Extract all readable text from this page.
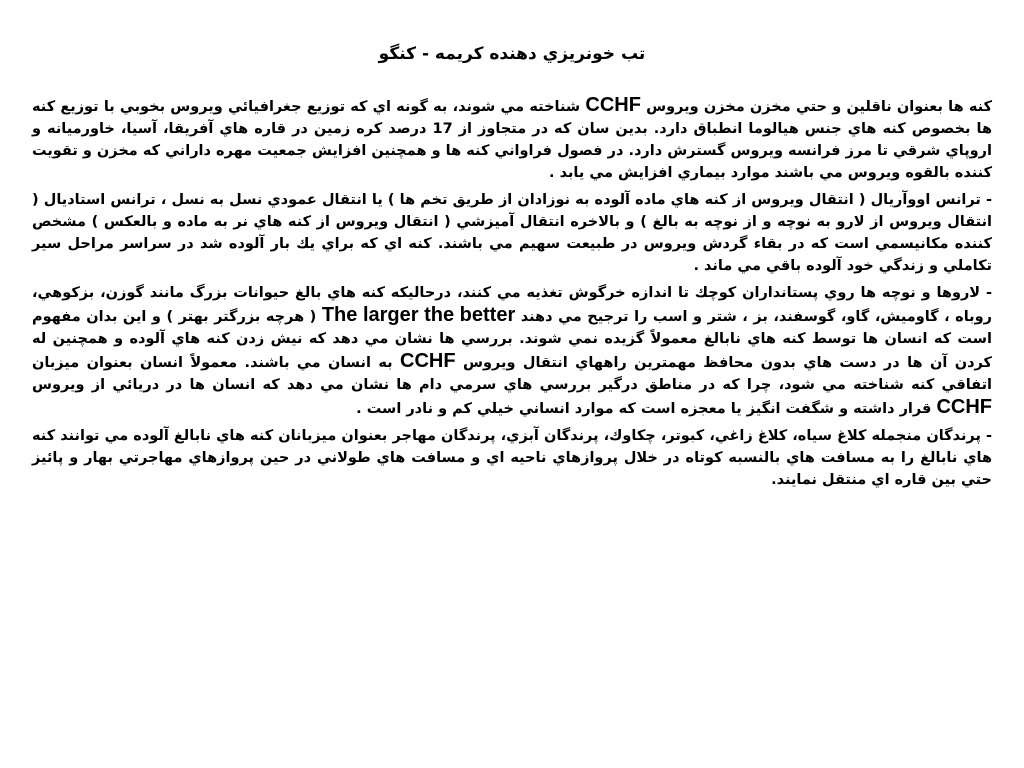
تب خونريزي دهنده كريمه - كنگو

كنه ها بعنوان ناقلين و حتي مخزن مخزن ويروس CCHF شناخته مي شوند، به گونه اي كه توزيع جغرافيائي ويروس بخوبي با توزيع كنه ها بخصوص كنه هاي جنس هيالوما انطباق دارد. بدين سان كه در متجاوز از 17 درصد كره زمين در قاره هاي آفريقا، آسيا، خاورميانه و اروپاي شرقي تا مرز فرانسه ويروس گسترش دارد. در فصول فراواني كنه ها و همچنين افزايش جمعيت مهره داراني كه مخزن و تقويت كننده بالقوه ويروس مي باشند موارد بيماري افزايش مي يابد .

- ترانس اووآريال ( انتقال ويروس از كنه هاي ماده آلوده به نوزادان از طريق تخم ها ) يا انتقال عمودي نسل به نسل ، ترانس استاديال ( انتقال ويروس از لارو به نوچه و از نوچه به بالغ ) و بالاخره انتقال آميزشي ( انتقال ويروس از كنه هاي نر به ماده و بالعكس ) مشخص كننده مكانيسمي است كه در بقاء گردش ويروس در طبيعت سهيم مي باشند. كنه اي كه براي يك بار آلوده شد در سراسر مراحل سير تكاملي و زندگي خود آلوده باقي مي ماند .

- لاروها و نوچه ها روي پستانداران كوچك تا اندازه خرگوش تغذيه مي كنند، درحاليكه كنه هاي بالغ حيوانات بزرگ مانند گوزن، بزكوهي، روباه ، گاوميش، گاو، گوسفند، بز ، شتر و اسب را ترجيح مي دهند The larger the better ( هرچه بزرگتر بهتر ) و اين بدان مفهوم است كه انسان ها توسط كنه هاي نابالغ معمولاً گزيده نمي شوند. بررسي ها نشان مي دهد كه نيش زدن كنه هاي آلوده و همچنين له كردن آن ها در دست هاي بدون محافظ مهمترين راههاي انتقال ويروس CCHF به انسان مي باشند. معمولاً انسان بعنوان ميزبان اتفاقي كنه شناخته مي شود، چرا كه در مناطق درگير بررسي هاي سرمي دام ها نشان مي دهد كه انسان ها در دريائي از ويروسCCHF قرار داشته و شگفت انگيز يا معجزه است كه موارد انساني خيلي كم و نادر است .

- پرندگان منجمله كلاغ سياه، كلاغ زاغي، كبوتر، چكاوك، پرندگان آبزي، پرندگان مهاجر بعنوان ميزبانان كنه هاي نابالغ آلوده مي توانند كنه هاي نابالغ را به مسافت هاي بالنسبه كوتاه در خلال پروازهاي ناحيه اي و مسافت هاي طولاني در حين پروازهاي مهاجرتي بهار و پائيز حتي بين قاره اي منتقل نمايند.
